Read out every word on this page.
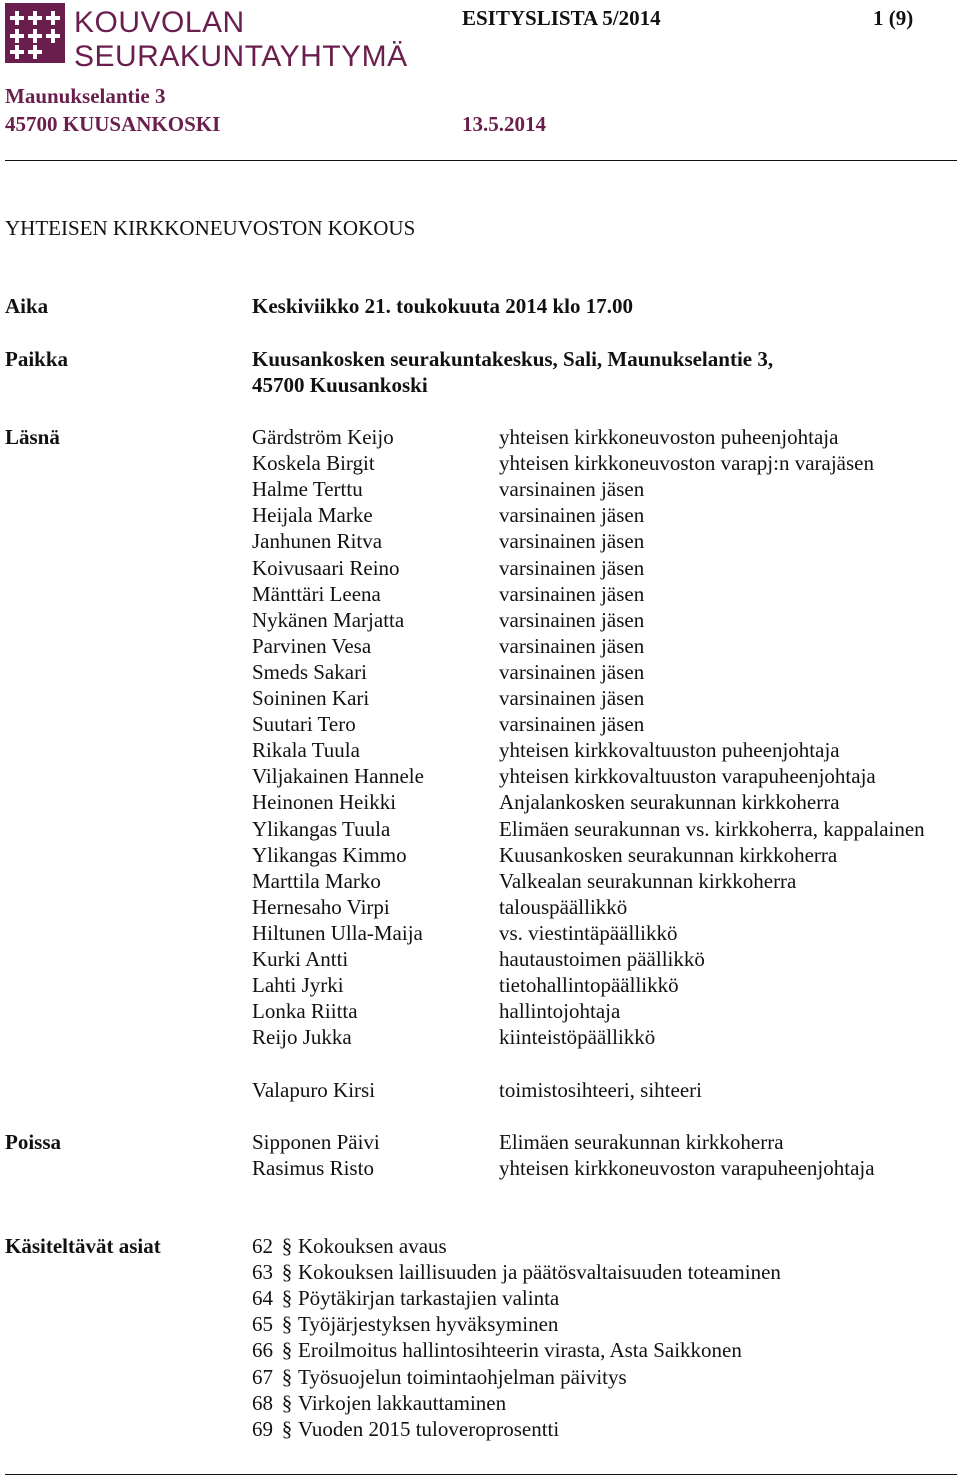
KOUVOLAN
SEURAKUNTAYHTYMÄ
ESITYSLISTA 5/2014	1 (9)
Maunukselantie 3
45700 KUUSANKOSKI	13.5.2014
YHTEISEN KIRKKONEUVOSTON KOKOUS
Aika	Keskiviikko 21. toukokuuta 2014 klo 17.00
Paikka	Kuusankosken seurakuntakeskus, Sali, Maunukselantie 3,
45700 Kuusankoski
Läsnä	Gärdström Keijo	yhteisen kirkkoneuvoston puheenjohtaja
Koskela Birgit	yhteisen kirkkoneuvoston varapj:n varajäsen
Halme Terttu	varsinainen jäsen
Heijala Marke	varsinainen jäsen
Janhunen Ritva	varsinainen jäsen
Koivusaari Reino	varsinainen jäsen
Mänttäri Leena	varsinainen jäsen
Nykänen Marjatta	varsinainen jäsen
Parvinen Vesa	varsinainen jäsen
Smeds Sakari	varsinainen jäsen
Soininen Kari	varsinainen jäsen
Suutari Tero	varsinainen jäsen
Rikala Tuula	yhteisen kirkkovaltuuston puheenjohtaja
Viljakainen Hannele	yhteisen kirkkovaltuuston varapuheenjohtaja
Heinonen Heikki	Anjalankosken seurakunnan kirkkoherra
Ylikangas Tuula	Elimäen seurakunnan vs. kirkkoherra, kappalainen
Ylikangas Kimmo	Kuusankosken seurakunnan kirkkoherra
Marttila Marko	Valkealan seurakunnan kirkkoherra
Hernesaho Virpi	talouspäällikkö
Hiltunen Ulla-Maija	vs. viestintäpäällikkö
Kurki Antti	hautaustoimen päällikkö
Lahti Jyrki	tietohallintopäällikkö
Lonka Riitta	hallintojohtaja
Reijo Jukka	kiinteistöpäällikkö
Valapuro Kirsi	toimistosihteeri, sihteeri
Poissa	Sipponen Päivi	Elimäen seurakunnan kirkkoherra
Rasimus Risto	yhteisen kirkkoneuvoston varapuheenjohtaja
Käsiteltävät asiat	62 § Kokouksen avaus
63 § Kokouksen laillisuuden ja päätösvaltaisuuden toteaminen
64 § Pöytäkirjan tarkastajien valinta
65 § Työjärjestyksen hyväksyminen
66 § Eroilmoitus hallintosihteerin virasta, Asta Saikkonen
67 § Työsuojelun toimintaohjelman päivitys
68 § Virkojen lakkauttaminen
69 § Vuoden 2015 tuloveroprosentti
